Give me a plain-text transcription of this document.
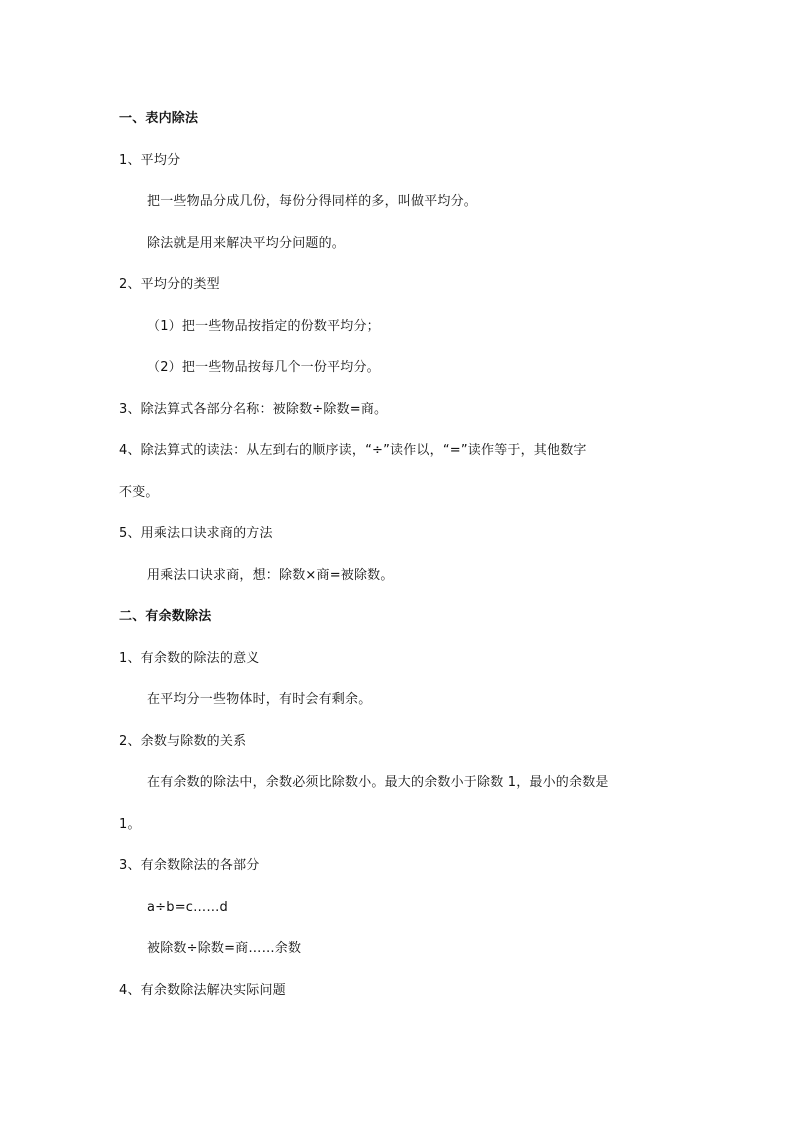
一、表内除法
1、平均分
把一些物品分成几份，每份分得同样的多，叫做平均分。
除法就是用来解决平均分问题的。
2、平均分的类型
（1）把一些物品按指定的份数平均分；
（2）把一些物品按每几个一份平均分。
3、除法算式各部分名称：被除数÷除数=商。
4、除法算式的读法：从左到右的顺序读，“÷”读作以，“=”读作等于，其他数字
不变。
5、用乘法口诀求商的方法
用乘法口诀求商，想：除数×商=被除数。
二、有余数除法
1、有余数的除法的意义
在平均分一些物体时，有时会有剩余。
2、余数与除数的关系
在有余数的除法中，余数必须比除数小。最大的余数小于除数 1，最小的余数是
1。
3、有余数除法的各部分
a÷b=c……d
被除数÷除数=商……余数
4、有余数除法解决实际问题
